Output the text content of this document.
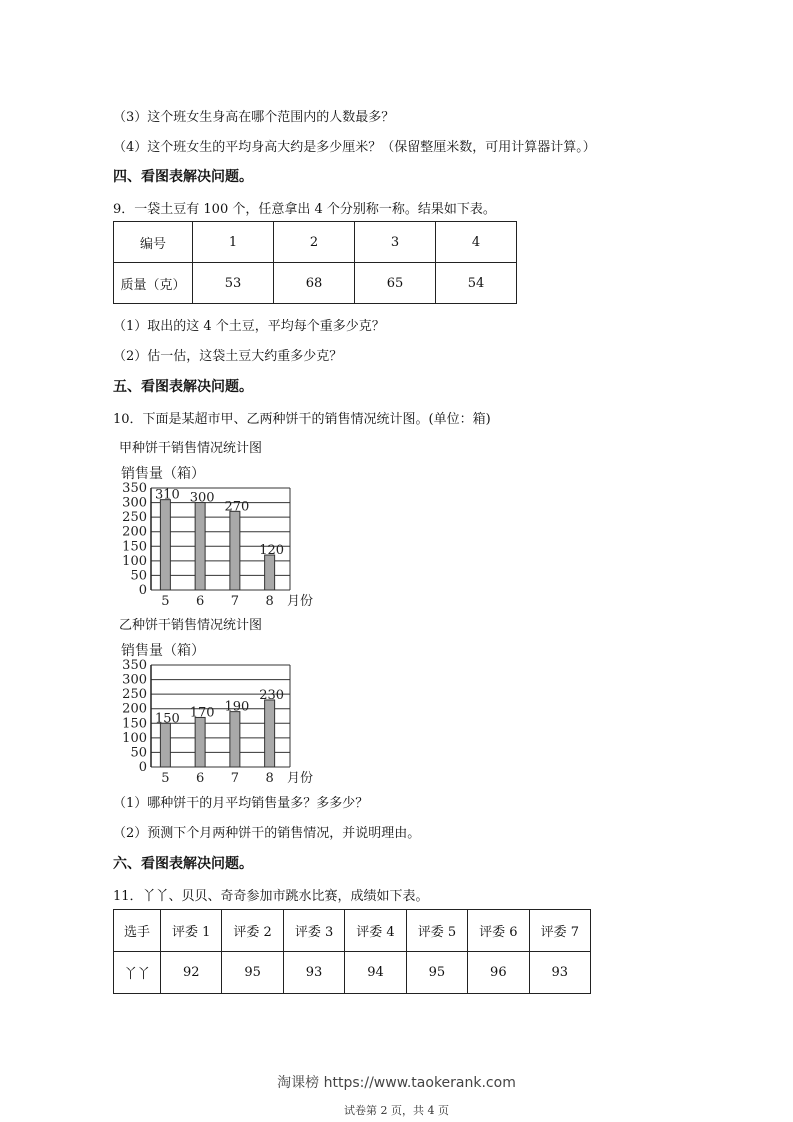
（3）这个班女生身高在哪个范围内的人数最多？
（4）这个班女生的平均身高大约是多少厘米？（保留整厘米数，可用计算器计算。）
四、看图表解决问题。
9．一袋土豆有 100 个，任意拿出 4 个分别称一称。结果如下表。
编号	1	2	3	4
质量（克）	53	68	65	54
（1）取出的这 4 个土豆，平均每个重多少克？
（2）估一估，这袋土豆大约重多少克？
五、看图表解决问题。
10．下面是某超市甲、乙两种饼干的销售情况统计图。(单位：箱)
甲种饼干销售情况统计图
销售量（箱）
0
50
100
150
200
250
300
350 310
5
300
6
270
7
120
8 月份
乙种饼干销售情况统计图
销售量（箱）
0
50
100
150
200
250
300
350
150
5
170
6
190
7
230
8 月份
（1）哪种饼干的月平均销售量多？多多少？
（2）预测下个月两种饼干的销售情况，并说明理由。
六、看图表解决问题。
11．丫丫、贝贝、奇奇参加市跳水比赛，成绩如下表。
选手	评委 1	评委 2	评委 3	评委 4	评委 5	评委 6	评委 7
丫丫	92	95	93	94	95	96	93
淘课榜 https://www.taokerank.com
试卷第 2 页，共 4 页
